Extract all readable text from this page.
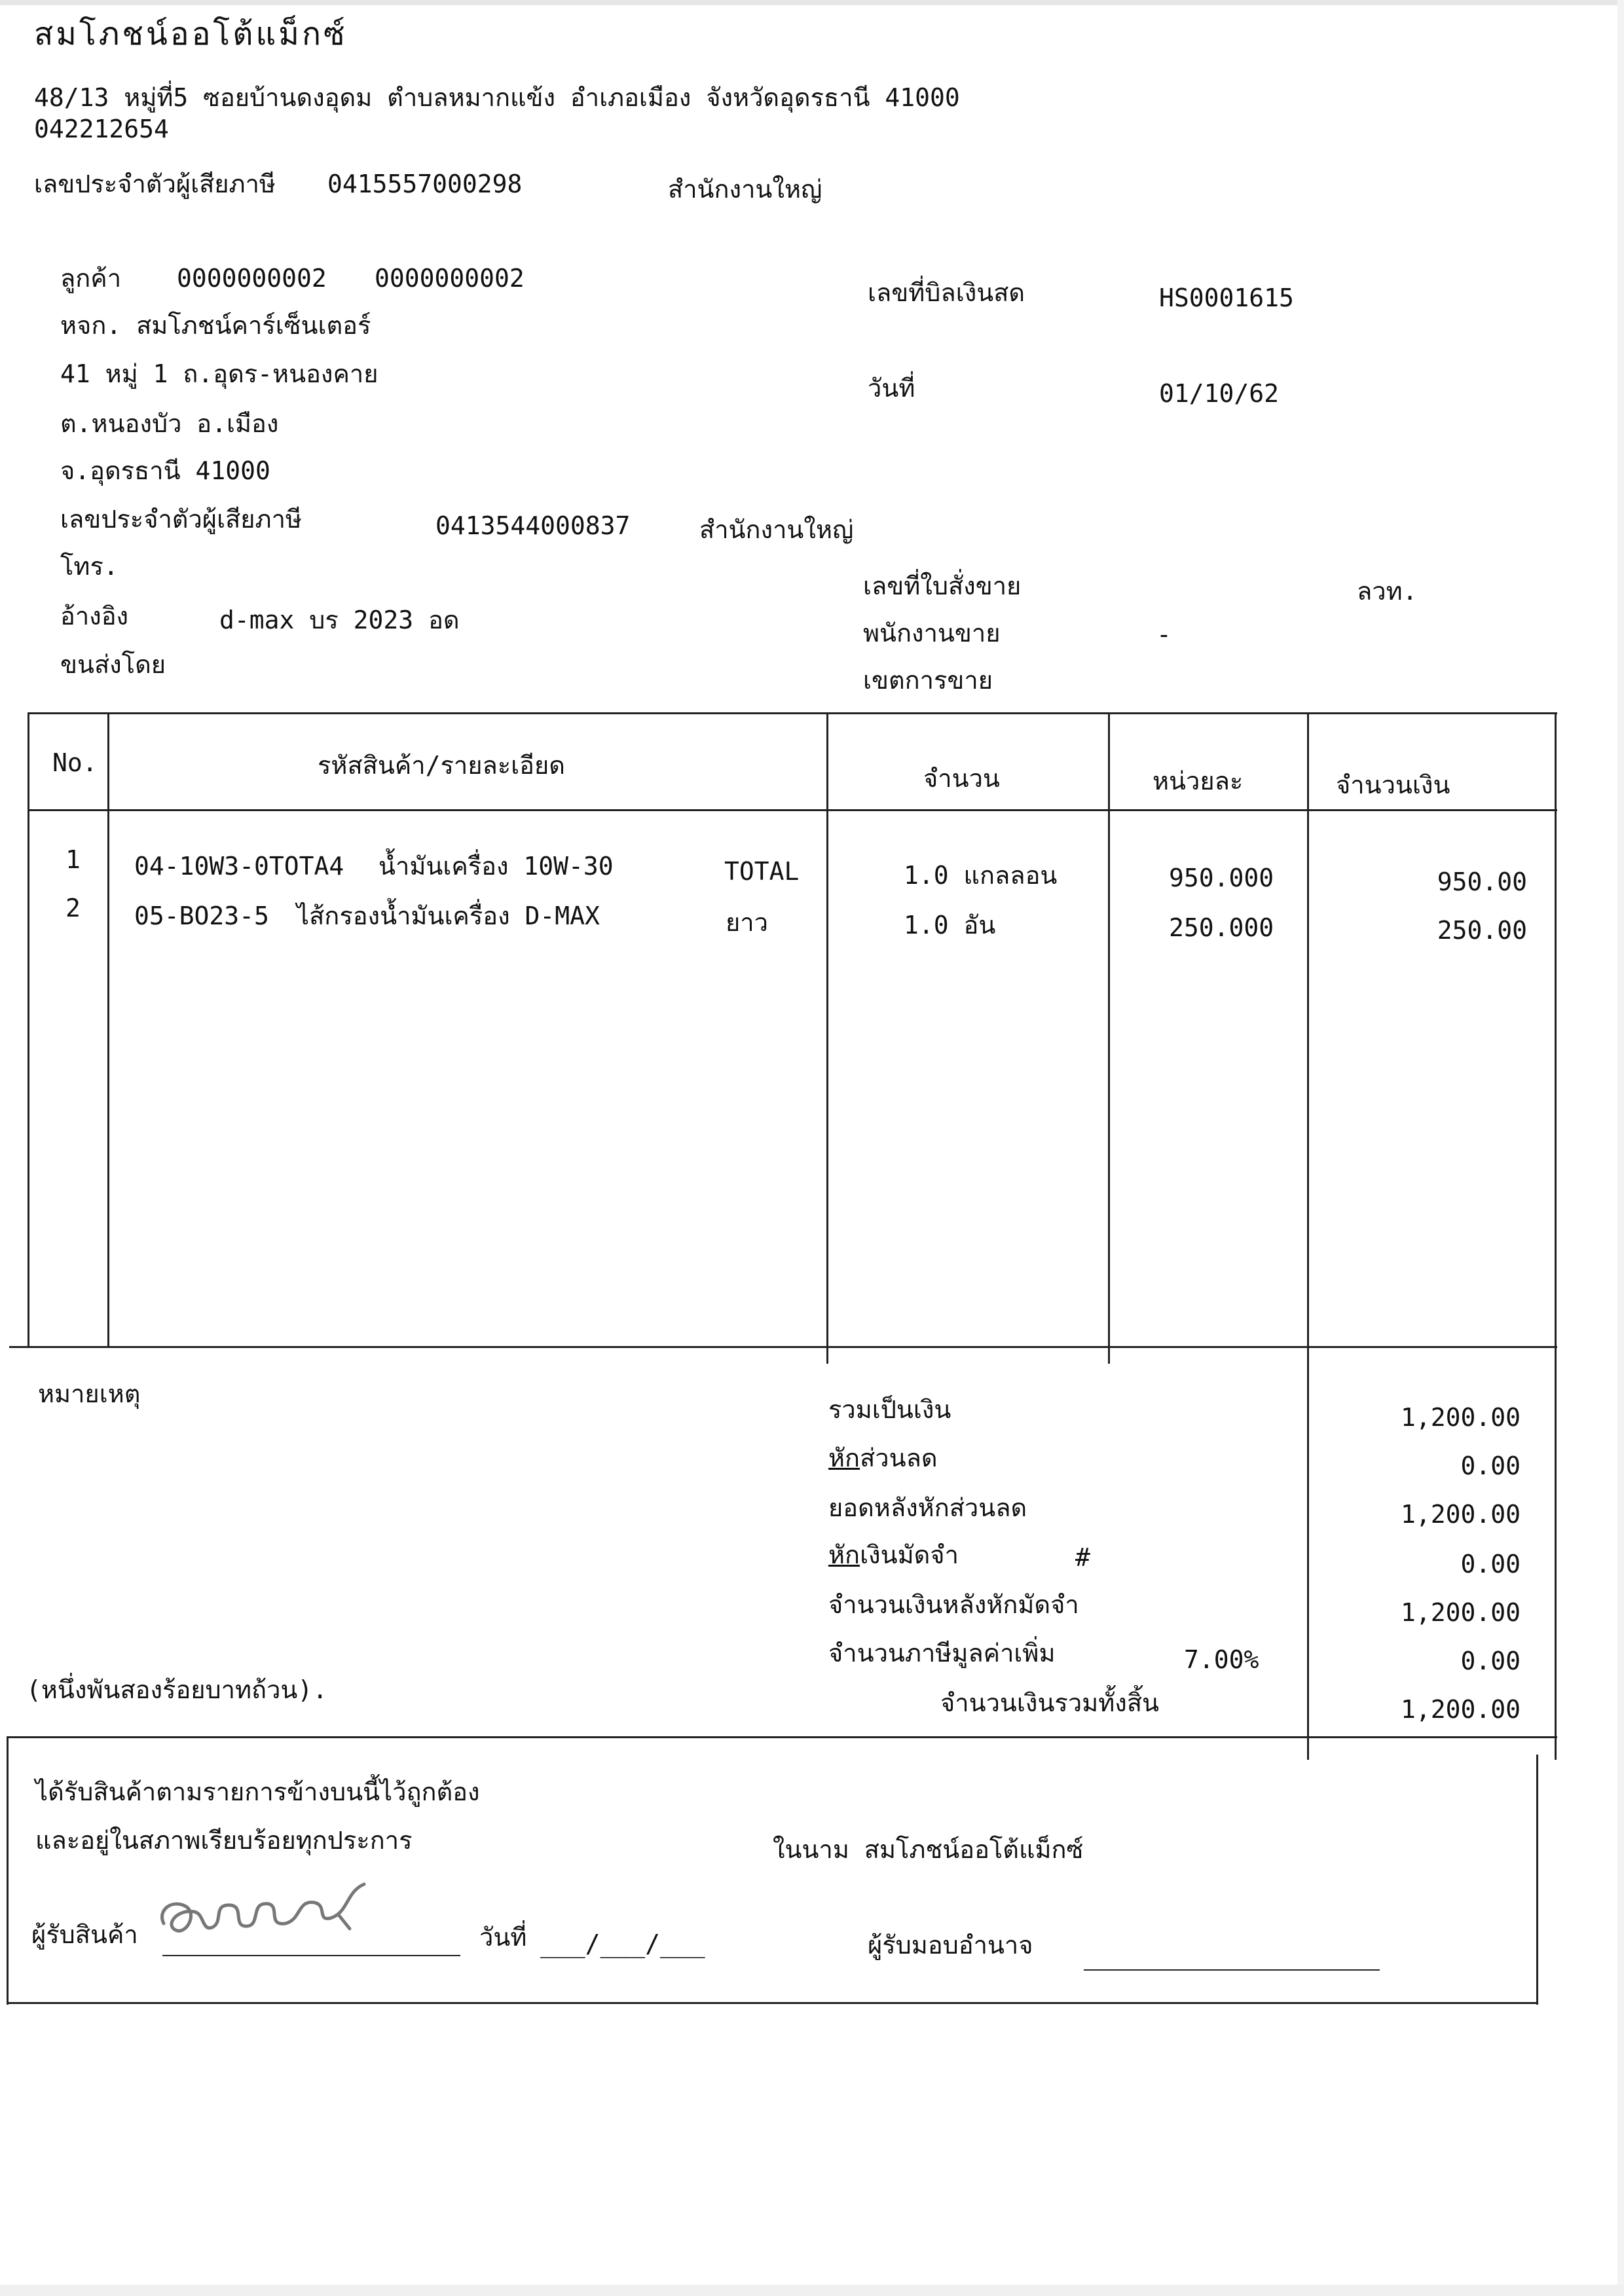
สมโภชน์ออโต้แม็กซ์
48/13 หมู่ที่5 ซอยบ้านดงอุดม ตำบลหมากแข้ง อำเภอเมือง จังหวัดอุดรธานี 41000
042212654
เลขประจำตัวผู้เสียภาษี 0415557000298	สำนักงานใหญ่
ลูกค้า 0000000002 0000000002
หจก. สมโภชน์คาร์เซ็นเตอร์
41 หมู่ 1 ถ.อุดร-หนองคาย
ต.หนองบัว อ.เมือง
จ.อุดรธานี 41000
เลขประจำตัวผู้เสียภาษี	0413544000837	สำนักงานใหญ่
โทร.
อ้างอิง	d-max บร 2023 อด
ขนส่งโดย
เลขที่บิลเงินสด	HS0001615
วันที่	01/10/62
เลขที่ใบสั่งขาย	ลวท.
พนักงานขาย	-
เขตการขาย
No.	รหัสสินค้า/รายละเอียด	จำนวน	หน่วยละ	จำนวนเงิน
1 04-10W3-0TOTA4 น้ำมันเครื่อง 10W-30	TOTAL	1.0 แกลลอน	950.000	950.00
2 05-BO23-5 ไส้กรองน้ำมันเครื่อง D-MAX	ยาว	1.0 อัน	250.000	250.00
หมายเหตุ
(หนึ่งพันสองร้อยบาทถ้วน).
รวมเป็นเงิน	1,200.00
หักส่วนลด	0.00
ยอดหลังหักส่วนลด	1,200.00
หักเงินมัดจำ	#	0.00
จำนวนเงินหลังหักมัดจำ	1,200.00
จำนวนภาษีมูลค่าเพิ่ม	7.00%	0.00
จำนวนเงินรวมทั้งสิ้น	1,200.00
ได้รับสินค้าตามรายการข้างบนนี้ไว้ถูกต้อง
และอยู่ในสภาพเรียบร้อยทุกประการ	ในนาม สมโภชน์ออโต้แม็กซ์
ผู้รับสินค้า	วันที่ ___/___/___	ผู้รับมอบอำนาจ
